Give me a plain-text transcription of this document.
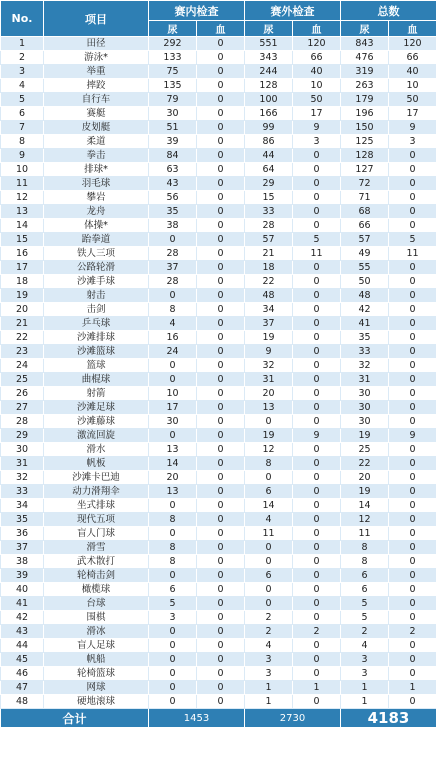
No.	项目	赛内检查		赛外检查		总数	
		尿	血	尿	血	尿	血
1	田径	292	0	551	120	843	120
2	游泳*	133	0	343	66	476	66
3	举重	75	0	244	40	319	40
4	摔跤	135	0	128	10	263	10
5	自行车	79	0	100	50	179	50
6	赛艇	30	0	166	17	196	17
7	皮划艇	51	0	99	9	150	9
8	柔道	39	0	86	3	125	3
9	拳击	84	0	44	0	128	0
10	排球*	63	0	64	0	127	0
11	羽毛球	43	0	29	0	72	0
12	攀岩	56	0	15	0	71	0
13	龙舟	35	0	33	0	68	0
14	体操*	38	0	28	0	66	0
15	跆拳道	0	0	57	5	57	5
16	铁人三项	28	0	21	11	49	11
17	公路轮滑	37	0	18	0	55	0
18	沙滩手球	28	0	22	0	50	0
19	射击	0	0	48	0	48	0
20	击剑	8	0	34	0	42	0
21	乒乓球	4	0	37	0	41	0
22	沙滩排球	16	0	19	0	35	0
23	沙滩篮球	24	0	9	0	33	0
24	篮球	0	0	32	0	32	0
25	曲棍球	0	0	31	0	31	0
26	射箭	10	0	20	0	30	0
27	沙滩足球	17	0	13	0	30	0
28	沙滩藤球	30	0	0	0	30	0
29	激流回旋	0	0	19	9	19	9
30	滑水	13	0	12	0	25	0
31	帆板	14	0	8	0	22	0
32	沙滩卡巴迪	20	0	0	0	20	0
33	动力滑翔伞	13	0	6	0	19	0
34	坐式排球	0	0	14	0	14	0
35	现代五项	8	0	4	0	12	0
36	盲人门球	0	0	11	0	11	0
37	滑雪	8	0	0	0	8	0
38	武术散打	8	0	0	0	8	0
39	轮椅击剑	0	0	6	0	6	0
40	橄榄球	6	0	0	0	6	0
41	台球	5	0	0	0	5	0
42	围棋	3	0	2	0	5	0
43	滑冰	0	0	2	2	2	2
44	盲人足球	0	0	4	0	4	0
45	帆船	0	0	3	0	3	0
46	轮椅篮球	0	0	3	0	3	0
47	网球	0	0	1	1	1	1
48	硬地滚球	0	0	1	0	1	0
合计		1453		2730		4183	
